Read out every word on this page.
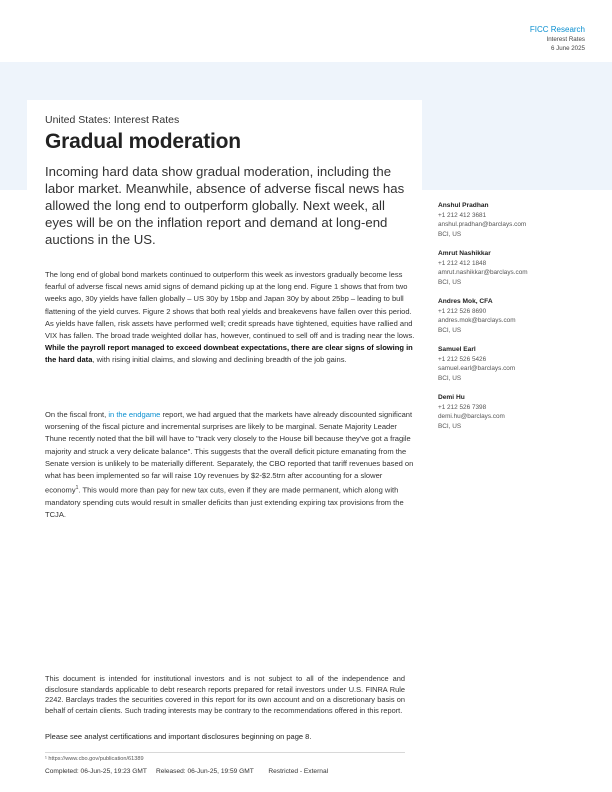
FICC Research
Interest Rates
6 June 2025
United States: Interest Rates
Gradual moderation
Incoming hard data show gradual moderation, including the labor market. Meanwhile, absence of adverse fiscal news has allowed the long end to outperform globally. Next week, all eyes will be on the inflation report and demand at long-end auctions in the US.
The long end of global bond markets continued to outperform this week as investors gradually become less fearful of adverse fiscal news amid signs of demand picking up at the long end. Figure 1 shows that from two weeks ago, 30y yields have fallen globally – US 30y by 15bp and Japan 30y by about 25bp – leading to bull flattening of the yield curves. Figure 2 shows that both real yields and breakevens have fallen over this period. As yields have fallen, risk assets have performed well; credit spreads have tightened, equities have rallied and VIX has fallen. The broad trade weighted dollar has, however, continued to sell off and is trading near the lows. While the payroll report managed to exceed downbeat expectations, there are clear signs of slowing in the hard data, with rising initial claims, and slowing and declining breadth of the job gains.
On the fiscal front, in the endgame report, we had argued that the markets have already discounted significant worsening of the fiscal picture and incremental surprises are likely to be marginal. Senate Majority Leader Thune recently noted that the bill will have to "track very closely to the House bill because they've got a fragile majority and struck a very delicate balance". This suggests that the overall deficit picture emanating from the Senate version is unlikely to be materially different. Separately, the CBO reported that tariff revenues based on what has been implemented so far will raise 10y revenues by $2-$2.5trn after accounting for a slower economy$^1$. This would more than pay for new tax cuts, even if they are made permanent, which along with mandatory spending cuts would result in smaller deficits than just extending expiring tax provisions from the TCJA.
Anshul Pradhan
+1 212 412 3681
anshul.pradhan@barclays.com
BCI, US
Amrut Nashikkar
+1 212 412 1848
amrut.nashikkar@barclays.com
BCI, US
Andres Mok, CFA
+1 212 526 8690
andres.mok@barclays.com
BCI, US
Samuel Earl
+1 212 526 5426
samuel.earl@barclays.com
BCI, US
Demi Hu
+1 212 526 7398
demi.hu@barclays.com
BCI, US
This document is intended for institutional investors and is not subject to all of the independence and disclosure standards applicable to debt research reports prepared for retail investors under U.S. FINRA Rule 2242. Barclays trades the securities covered in this report for its own account and on a discretionary basis on behalf of certain clients. Such trading interests may be contrary to the recommendations offered in this report.
Please see analyst certifications and important disclosures beginning on page 8.
¹ https://www.cbo.gov/publication/61389
Completed: 06-Jun-25, 19:23 GMT Released: 06-Jun-25, 19:59 GMT Restricted - External
